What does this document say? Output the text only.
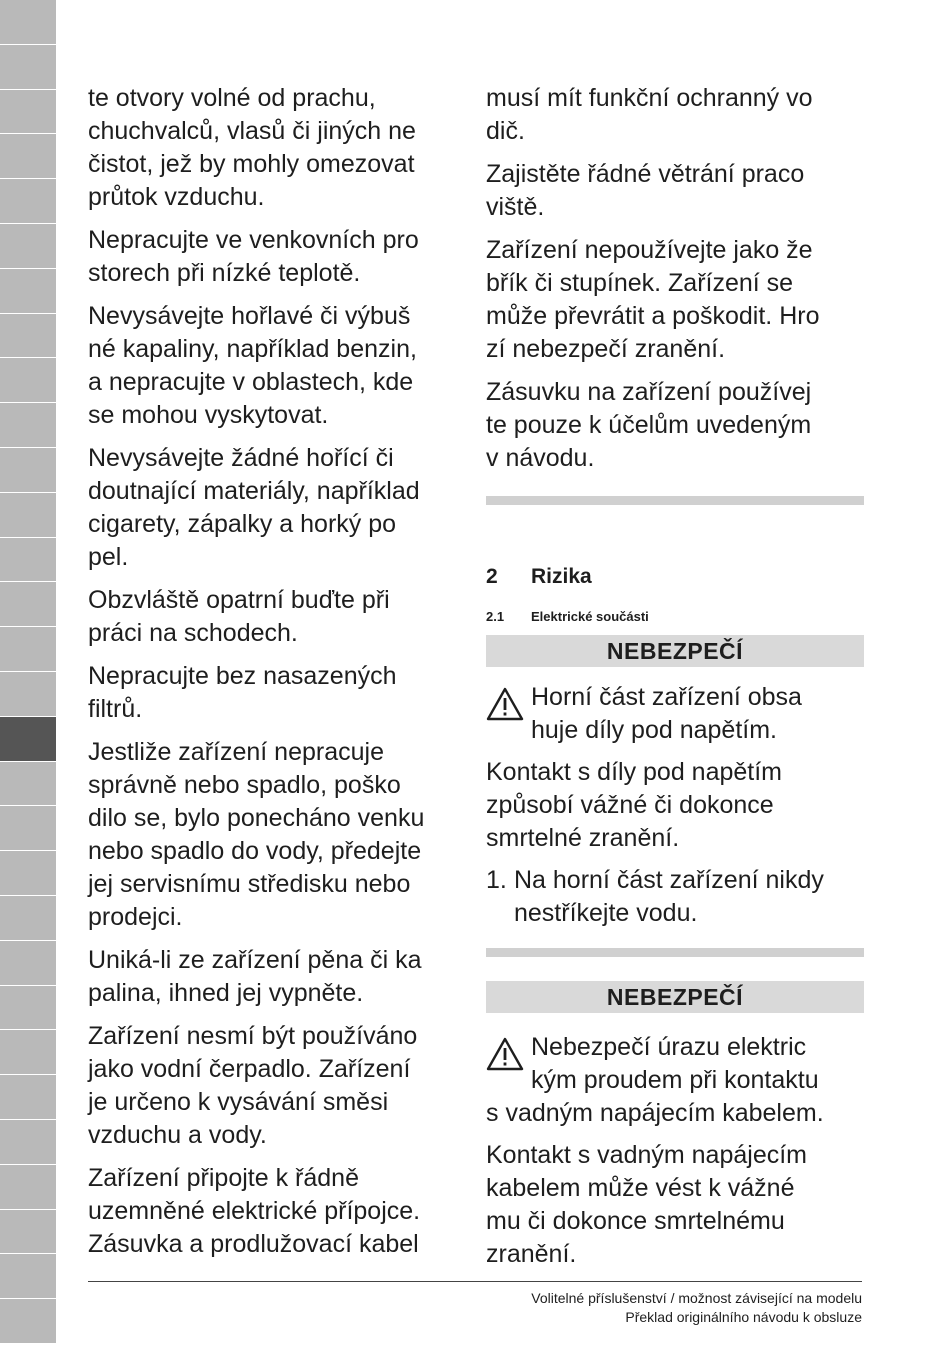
te otvory volné od prachu,
chuchvalců, vlasů či jiných ne
čistot, jež by mohly omezovat
průtok vzduchu.
Nepracujte ve venkovních pro
storech při nízké teplotě.
Nevysávejte hořlavé či výbuš
né kapaliny, například benzin,
a nepracujte v oblastech, kde
se mohou vyskytovat.
Nevysávejte žádné hořící či
doutnající materiály, například
cigarety, zápalky a horký po
pel.
Obzvláště opatrní buďte při
práci na schodech.
Nepracujte bez nasazených
filtrů.
Jestliže zařízení nepracuje
správně nebo spadlo, poško
dilo se, bylo ponecháno venku
nebo spadlo do vody, předejte
jej servisnímu středisku nebo
prodejci.
Uniká-li ze zařízení pěna či ka
palina, ihned jej vypněte.
Zařízení nesmí být používáno
jako vodní čerpadlo. Zařízení
je určeno k vysávání směsi
vzduchu a vody.
Zařízení připojte k řádně
uzemněné elektrické přípojce.
Zásuvka a prodlužovací kabel
musí mít funkční ochranný vo
dič.
Zajistěte řádné větrání praco
viště.
Zařízení nepoužívejte jako že
břík či stupínek. Zařízení se
může převrátit a poškodit. Hro
zí nebezpečí zranění.
Zásuvku na zařízení používej
te pouze k účelům uvedeným
v návodu.
2 Rizika
2.1 Elektrické součásti
NEBEZPEČÍ
Horní část zařízení obsa
huje díly pod napětím.
Kontakt s díly pod napětím
způsobí vážné či dokonce
smrtelné zranění.
1. Na horní část zařízení nikdy
nestříkejte vodu.
NEBEZPEČÍ
Nebezpečí úrazu elektric
kým proudem při kontaktu
s vadným napájecím kabelem.
Kontakt s vadným napájecím
kabelem může vést k vážné
mu či dokonce smrtelnému
zranění.
Volitelné příslušenství / možnost závisející na modelu
Překlad originálního návodu k obsluze
